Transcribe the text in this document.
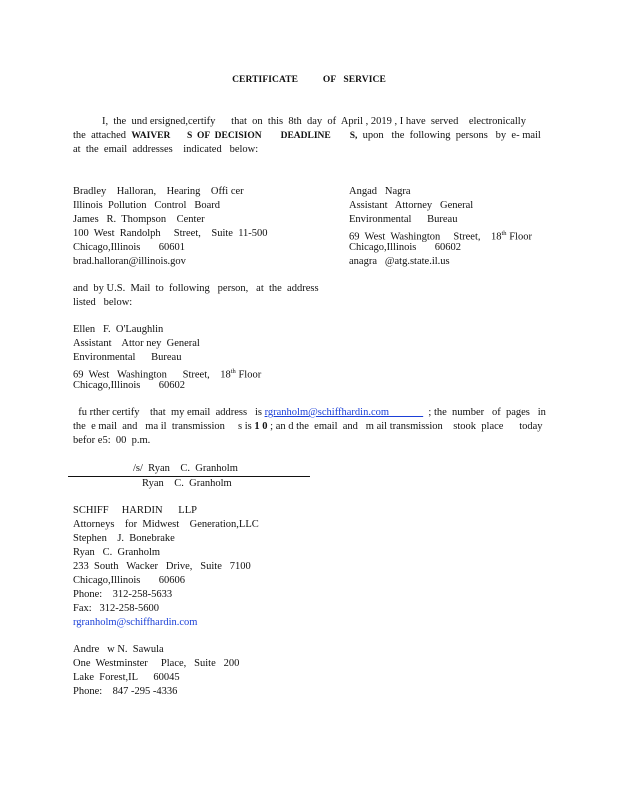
CERTIFICATE          OF   SERVICE
I,  the  und ersigned,certify      that  on  this  8th  day  of  April , 2019 , I have  served    electronically
the  attached  WAIVER       S  OF  DECISION        DEADLINE        S,  upon   the  following  persons   by  e- mail
at  the  email  addresses    indicated   below:
Bradley    Halloran,    Hearing    Offi cer
Illinois  Pollution   Control   Board
James   R.  Thompson    Center
100  West  Randolph     Street,    Suite  11-500
Chicago,Illinois       60601
brad.halloran@illinois.gov
Angad   Nagra
Assistant   Attorney   General
Environmental      Bureau
69  West  Washington     Street,    18th Floor
Chicago,Illinois       60602
anagra   @atg.state.il.us
and  by U.S.  Mail  to  following   person,   at  the  address
listed   below:
Ellen   F.  O'Laughlin
Assistant    Attor ney  General
Environmental      Bureau
69  West   Washington      Street,    18th Floor
Chicago,Illinois       60602
fu rther certify    that  my email  address   is rgranholm@schiffhardin.com               ; the  number   of  pages   in
the  e mail  and   ma il  transmission     s is 1 0 ; an d the  email  and   m ail transmission    stook  place      today
befor e5:  00  p.m.
/s/  Ryan    C.  Granholm
Ryan    C.  Granholm
SCHIFF     HARDIN      LLP
Attorneys    for  Midwest    Generation,LLC
Stephen    J.  Bonebrake
Ryan   C.  Granholm
233  South   Wacker   Drive,   Suite   7100
Chicago,Illinois       60606
Phone:    312-258-5633
Fax:   312-258-5600
rgranholm@schiffhardin.com
Andre   w N.  Sawula
One  Westminster     Place,   Suite   200
Lake  Forest,IL      60045
Phone:    847 -295 -4336
